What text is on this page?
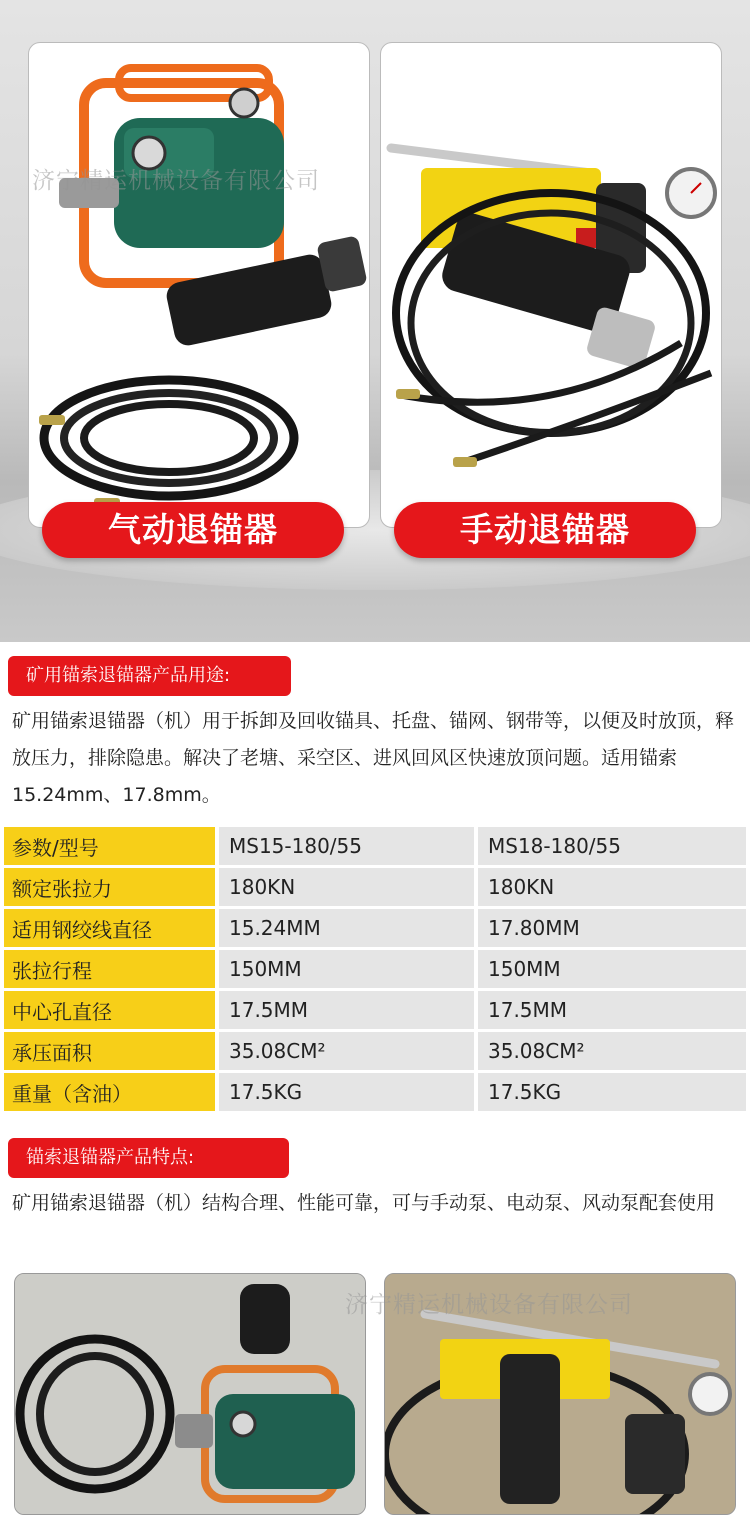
气动退锚器	手动退锚器
济宁精运机械设备有限公司
矿用锚索退锚器产品用途:
矿用锚索退锚器（机）用于拆卸及回收锚具、托盘、锚网、钢带等，以便及时放顶，释放压力，排除隐患。解决了老塘、采空区、进风回风区快速放顶问题。适用锚索15.24mm、17.8mm。
参数/型号	MS15-180/55	MS18-180/55
额定张拉力	180KN	180KN
适用钢绞线直径	15.24MM	17.80MM
张拉行程	150MM	150MM
中心孔直径	17.5MM	17.5MM
承压面积	35.08CM²	35.08CM²
重量（含油）	17.5KG	17.5KG
锚索退锚器产品特点:
矿用锚索退锚器（机）结构合理、性能可靠，可与手动泵、电动泵、风动泵配套使用
济宁精运机械设备有限公司
